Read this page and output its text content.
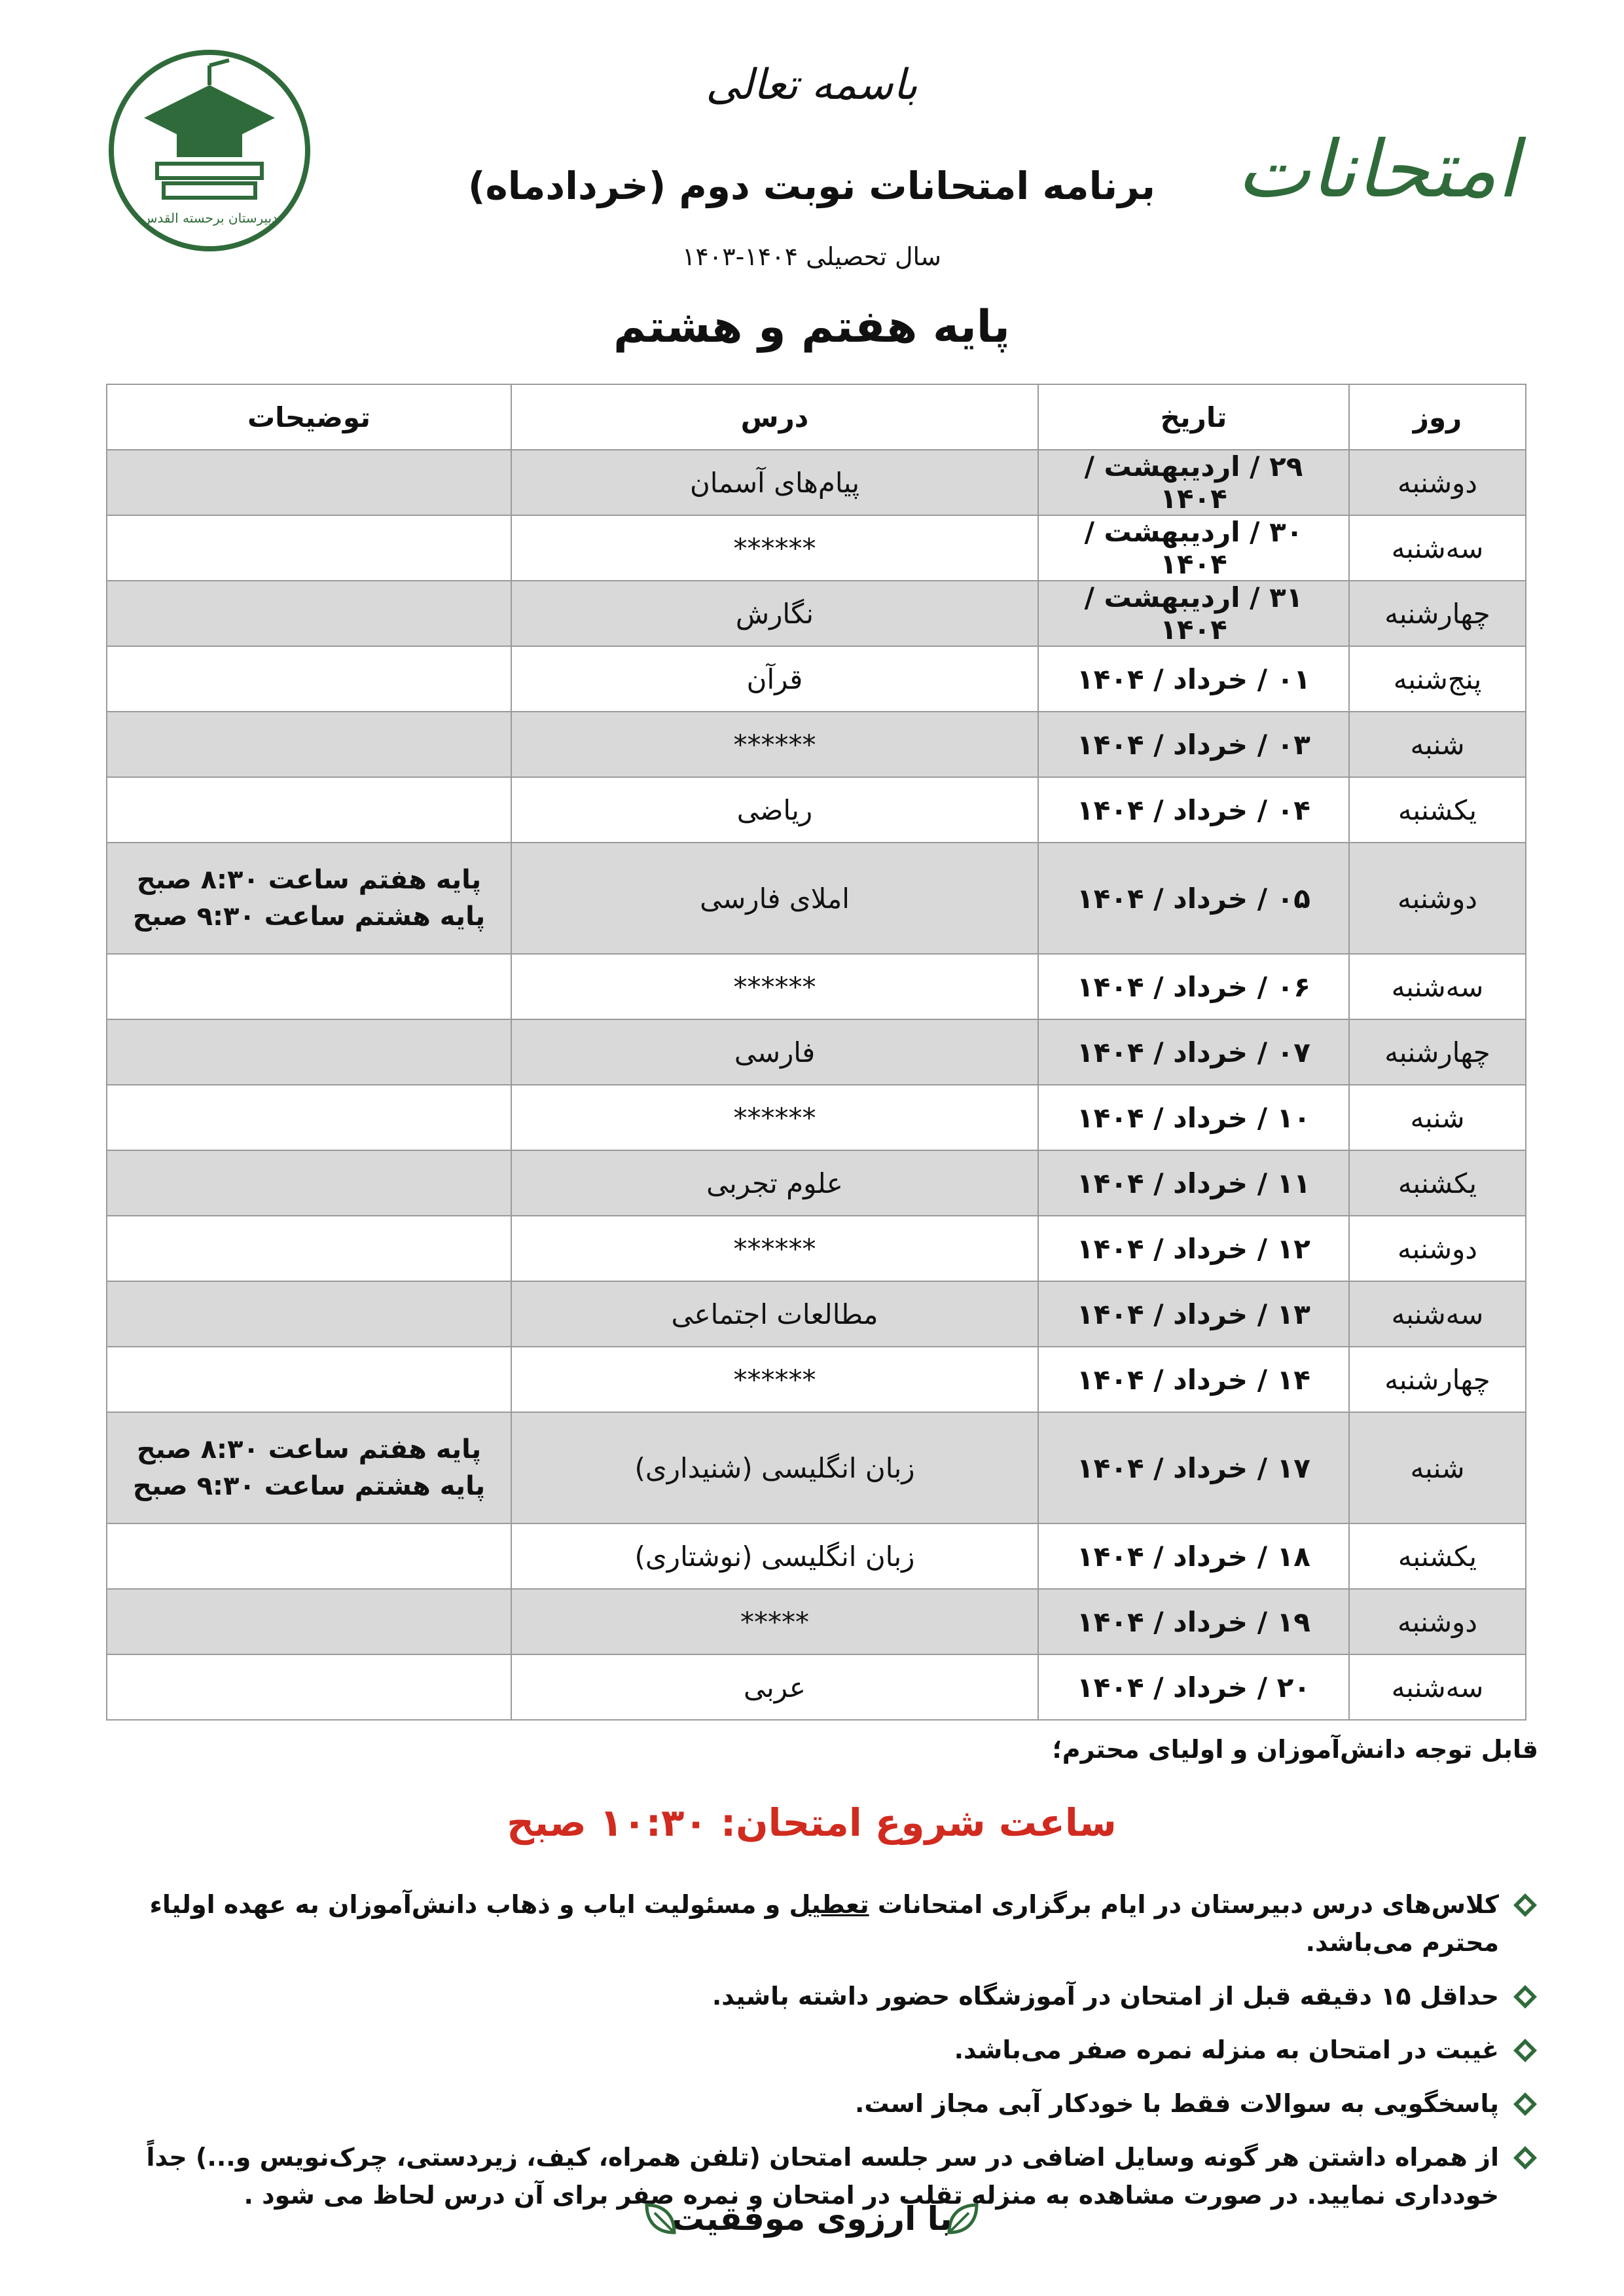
دبیرستان برحسته القدس
باسمه تعالی
برنامه امتحانات نوبت دوم (خردادماه)
سال تحصیلی ۱۴۰۴-۱۴۰۳
پایه هفتم و هشتم
امتحانات
روز	تاریخ	درس	توضیحات
دوشنبه	۲۹ / اردیبهشت / ۱۴۰۴	پیام‌های آسمان	

سه‌شنبه	۳۰ / اردیبهشت / ۱۴۰۴	******	

چهارشنبه	۳۱ / اردیبهشت / ۱۴۰۴	نگارش	

پنج‌شنبه	۰۱ / خرداد / ۱۴۰۴	قرآن	

شنبه	۰۳ / خرداد / ۱۴۰۴	******	

یکشنبه	۰۴ / خرداد / ۱۴۰۴	ریاضی	

دوشنبه	۰۵ / خرداد / ۱۴۰۴	املای فارسی	پایه هفتم ساعت ۸:۳۰ صبح
پایه هشتم ساعت ۹:۳۰ صبح

سه‌شنبه	۰۶ / خرداد / ۱۴۰۴	******	

چهارشنبه	۰۷ / خرداد / ۱۴۰۴	فارسی	

شنبه	۱۰ / خرداد / ۱۴۰۴	******	

یکشنبه	۱۱ / خرداد / ۱۴۰۴	علوم تجربی	

دوشنبه	۱۲ / خرداد / ۱۴۰۴	******	

سه‌شنبه	۱۳ / خرداد / ۱۴۰۴	مطالعات اجتماعی	

چهارشنبه	۱۴ / خرداد / ۱۴۰۴	******	

شنبه	۱۷ / خرداد / ۱۴۰۴	زبان انگلیسی (شنیداری)	پایه هفتم ساعت ۸:۳۰ صبح
پایه هشتم ساعت ۹:۳۰ صبح

یکشنبه	۱۸ / خرداد / ۱۴۰۴	زبان انگلیسی (نوشتاری)	

دوشنبه	۱۹ / خرداد / ۱۴۰۴	*****	

سه‌شنبه	۲۰ / خرداد / ۱۴۰۴	عربی	
قابل توجه دانش‌آموزان و اولیای محترم؛
ساعت شروع امتحان: ۱۰:۳۰ صبح
کلاس‌های درس دبیرستان در ایام برگزاری امتحانات تعطیل و مسئولیت ایاب و ذهاب دانش‌آموزان به عهده اولیاء محترم می‌باشد.
حداقل ۱۵ دقیقه قبل از امتحان در آموزشگاه حضور داشته باشید.
غیبت در امتحان به منزله نمره صفر می‌باشد.
پاسخگویی به سوالات فقط با خودکار آبی مجاز است.
از همراه داشتن هر گونه وسایل اضافی در سر جلسه امتحان (تلفن همراه، کیف، زیردستی، چرک‌نویس و...) جداً خودداری نمایید. در صورت مشاهده به منزله تقلب در امتحان و نمره صفر برای آن درس لحاظ می شود .
با آرزوی موفقیت
